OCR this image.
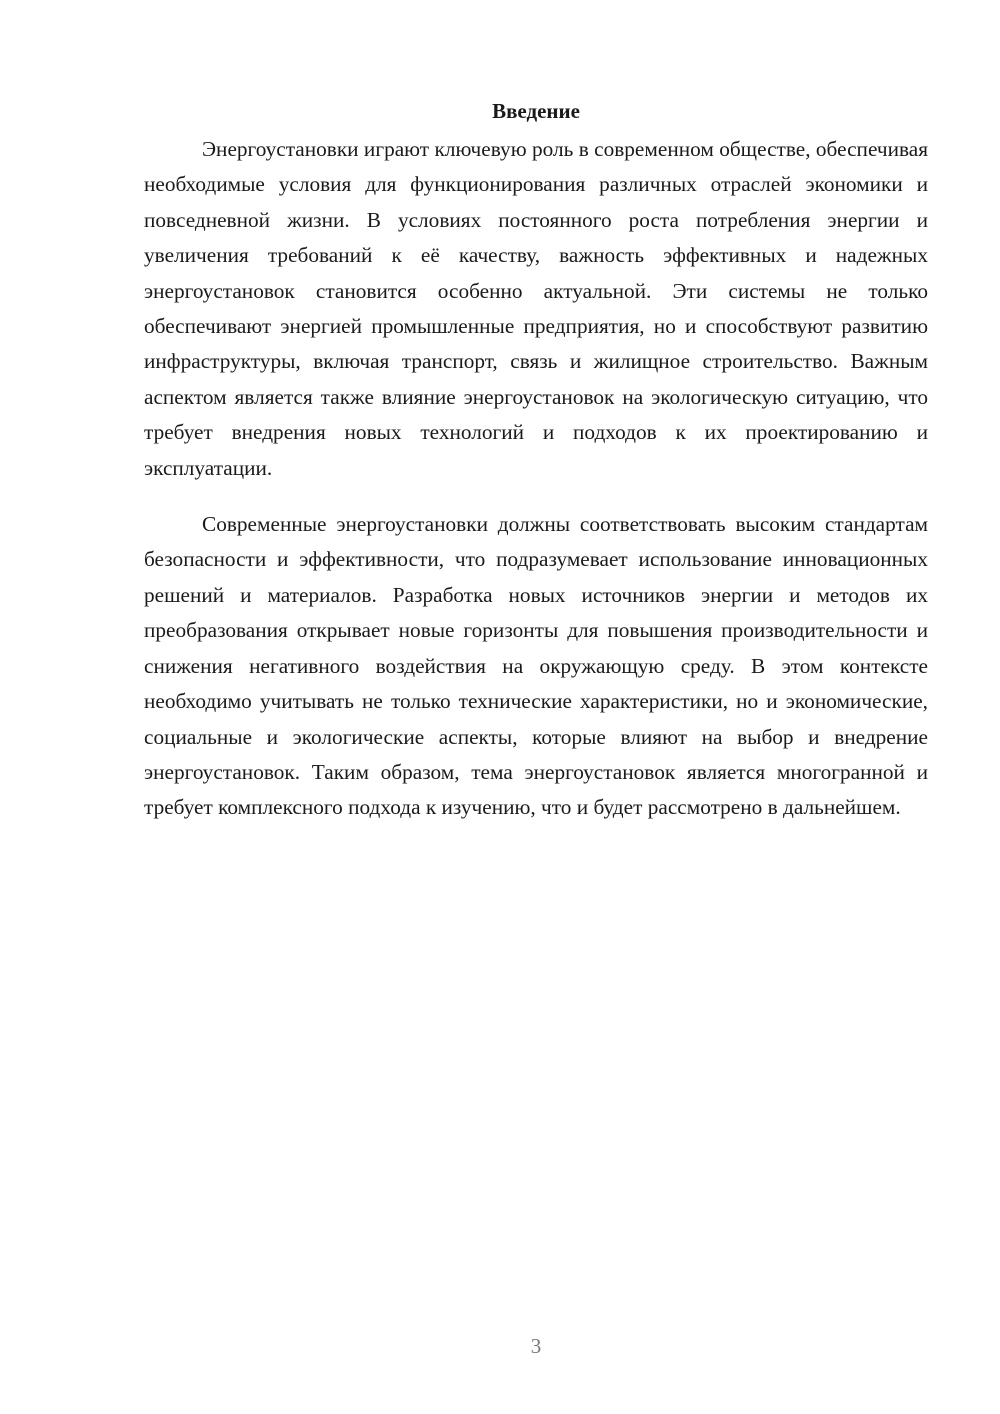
Введение

Энергоустановки играют ключевую роль в современном обществе, обеспечивая необходимые условия для функционирования различных отраслей экономики и повседневной жизни. В условиях постоянного роста потребления энергии и увеличения требований к её качеству, важность эффективных и надежных энергоустановок становится особенно актуальной. Эти системы не только обеспечивают энергией промышленные предприятия, но и способствуют развитию инфраструктуры, включая транспорт, связь и жилищное строительство. Важным аспектом является также влияние энергоустановок на экологическую ситуацию, что требует внедрения новых технологий и подходов к их проектированию и эксплуатации.

Современные энергоустановки должны соответствовать высоким стандартам безопасности и эффективности, что подразумевает использование инновационных решений и материалов. Разработка новых источников энергии и методов их преобразования открывает новые горизонты для повышения производительности и снижения негативного воздействия на окружающую среду. В этом контексте необходимо учитывать не только технические характеристики, но и экономические, социальные и экологические аспекты, которые влияют на выбор и внедрение энергоустановок. Таким образом, тема энергоустановок является многогранной и требует комплексного подхода к изучению, что и будет рассмотрено в дальнейшем.

3
